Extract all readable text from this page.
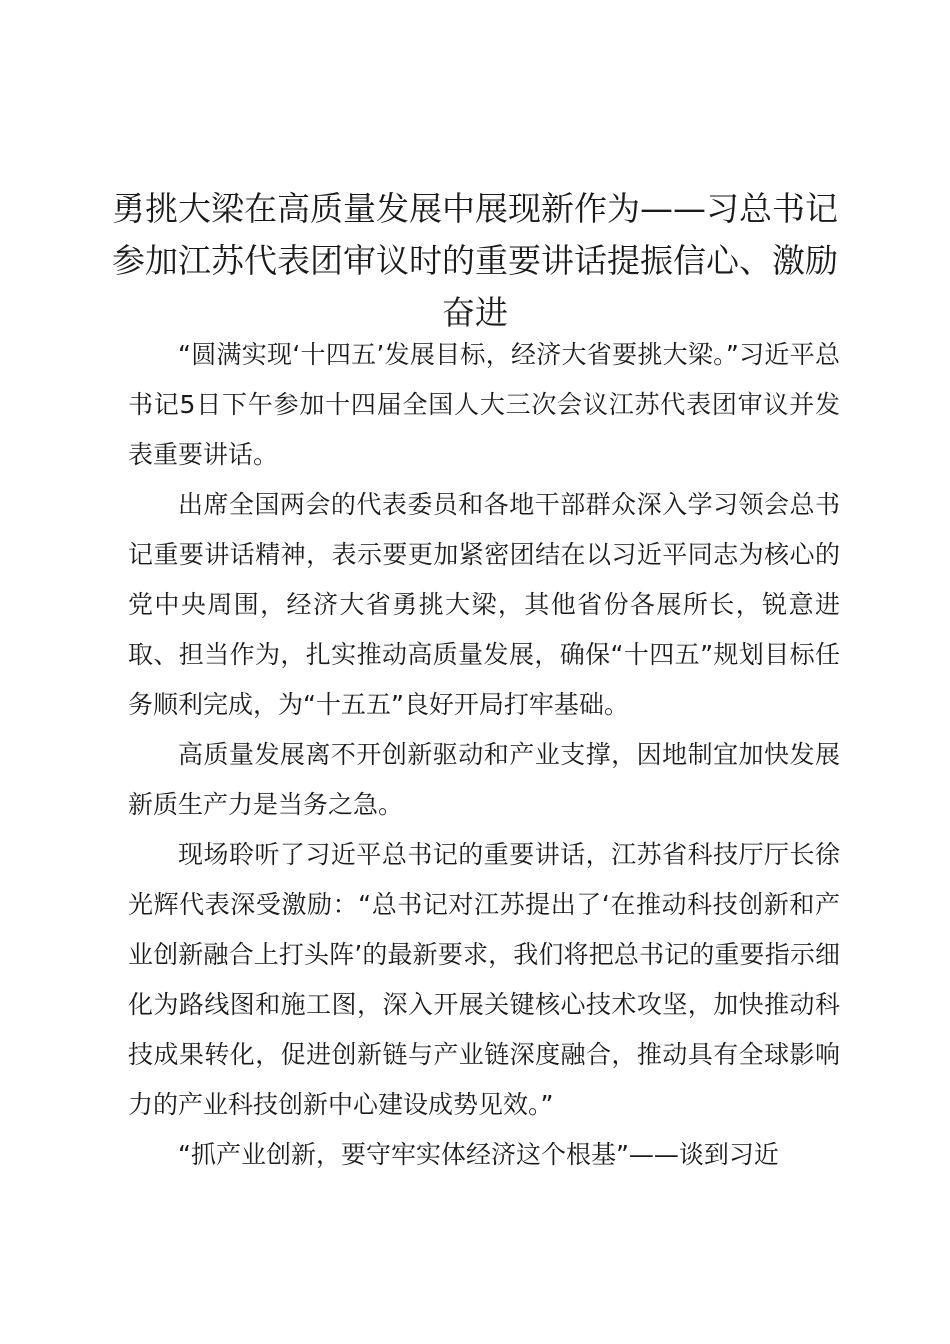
勇挑大梁在高质量发展中展现新作为——习总书记参加江苏代表团审议时的重要讲话提振信心、激励奋进

“圆满实现‘十四五’发展目标，经济大省要挑大梁。”习近平总书记5日下午参加十四届全国人大三次会议江苏代表团审议并发表重要讲话。

出席全国两会的代表委员和各地干部群众深入学习领会总书记重要讲话精神，表示要更加紧密团结在以习近平同志为核心的党中央周围，经济大省勇挑大梁，其他省份各展所长，锐意进取、担当作为，扎实推动高质量发展，确保“十四五”规划目标任务顺利完成，为“十五五”良好开局打牢基础。

高质量发展离不开创新驱动和产业支撑，因地制宜加快发展新质生产力是当务之急。

现场聆听了习近平总书记的重要讲话，江苏省科技厅厅长徐光辉代表深受激励：“总书记对江苏提出了‘在推动科技创新和产业创新融合上打头阵’的最新要求，我们将把总书记的重要指示细化为路线图和施工图，深入开展关键核心技术攻坚，加快推动科技成果转化，促进创新链与产业链深度融合，推动具有全球影响力的产业科技创新中心建设成势见效。”

“抓产业创新，要守牢实体经济这个根基”——谈到习近
